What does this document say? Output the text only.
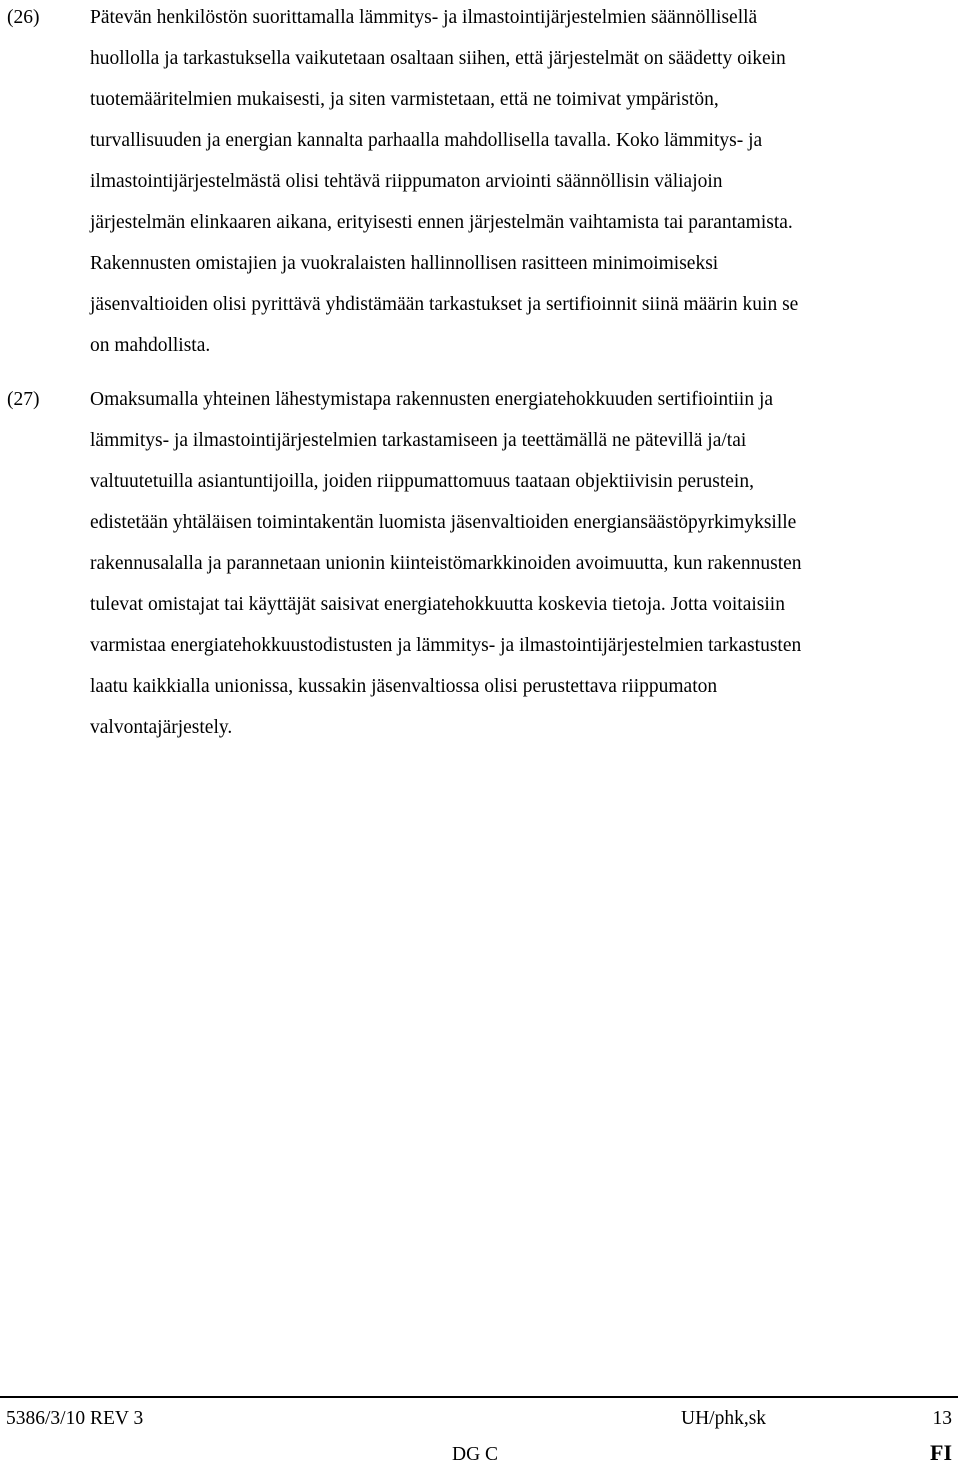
(26)	Pätevän henkilöstön suorittamalla lämmitys- ja ilmastointijärjestelmien säännöllisellä
huollolla ja tarkastuksella vaikutetaan osaltaan siihen, että järjestelmät on säädetty oikein
tuotemääritelmien mukaisesti, ja siten varmistetaan, että ne toimivat ympäristön,
turvallisuuden ja energian kannalta parhaalla mahdollisella tavalla. Koko lämmitys- ja
ilmastointijärjestelmästä olisi tehtävä riippumaton arviointi säännöllisin väliajoin
järjestelmän elinkaaren aikana, erityisesti ennen järjestelmän vaihtamista tai parantamista.
Rakennusten omistajien ja vuokralaisten hallinnollisen rasitteen minimoimiseksi
jäsenvaltioiden olisi pyrittävä yhdistämään tarkastukset ja sertifioinnit siinä määrin kuin se
on mahdollista.
(27)	Omaksumalla yhteinen lähestymistapa rakennusten energiatehokkuuden sertifiointiin ja
lämmitys- ja ilmastointijärjestelmien tarkastamiseen ja teettämällä ne pätevillä ja/tai
valtuutetuilla asiantuntijoilla, joiden riippumattomuus taataan objektiivisin perustein,
edistetään yhtäläisen toimintakentän luomista jäsenvaltioiden energiansäästöpyrkimyksille
rakennusalalla ja parannetaan unionin kiinteistömarkkinoiden avoimuutta, kun rakennusten
tulevat omistajat tai käyttäjät saisivat energiatehokkuutta koskevia tietoja. Jotta voitaisiin
varmistaa energiatehokkuustodistusten ja lämmitys- ja ilmastointijärjestelmien tarkastusten
laatu kaikkialla unionissa, kussakin jäsenvaltiossa olisi perustettava riippumaton
valvontajärjestely.
5386/3/10 REV 3	UH/phk,sk	13
DG C	FI
